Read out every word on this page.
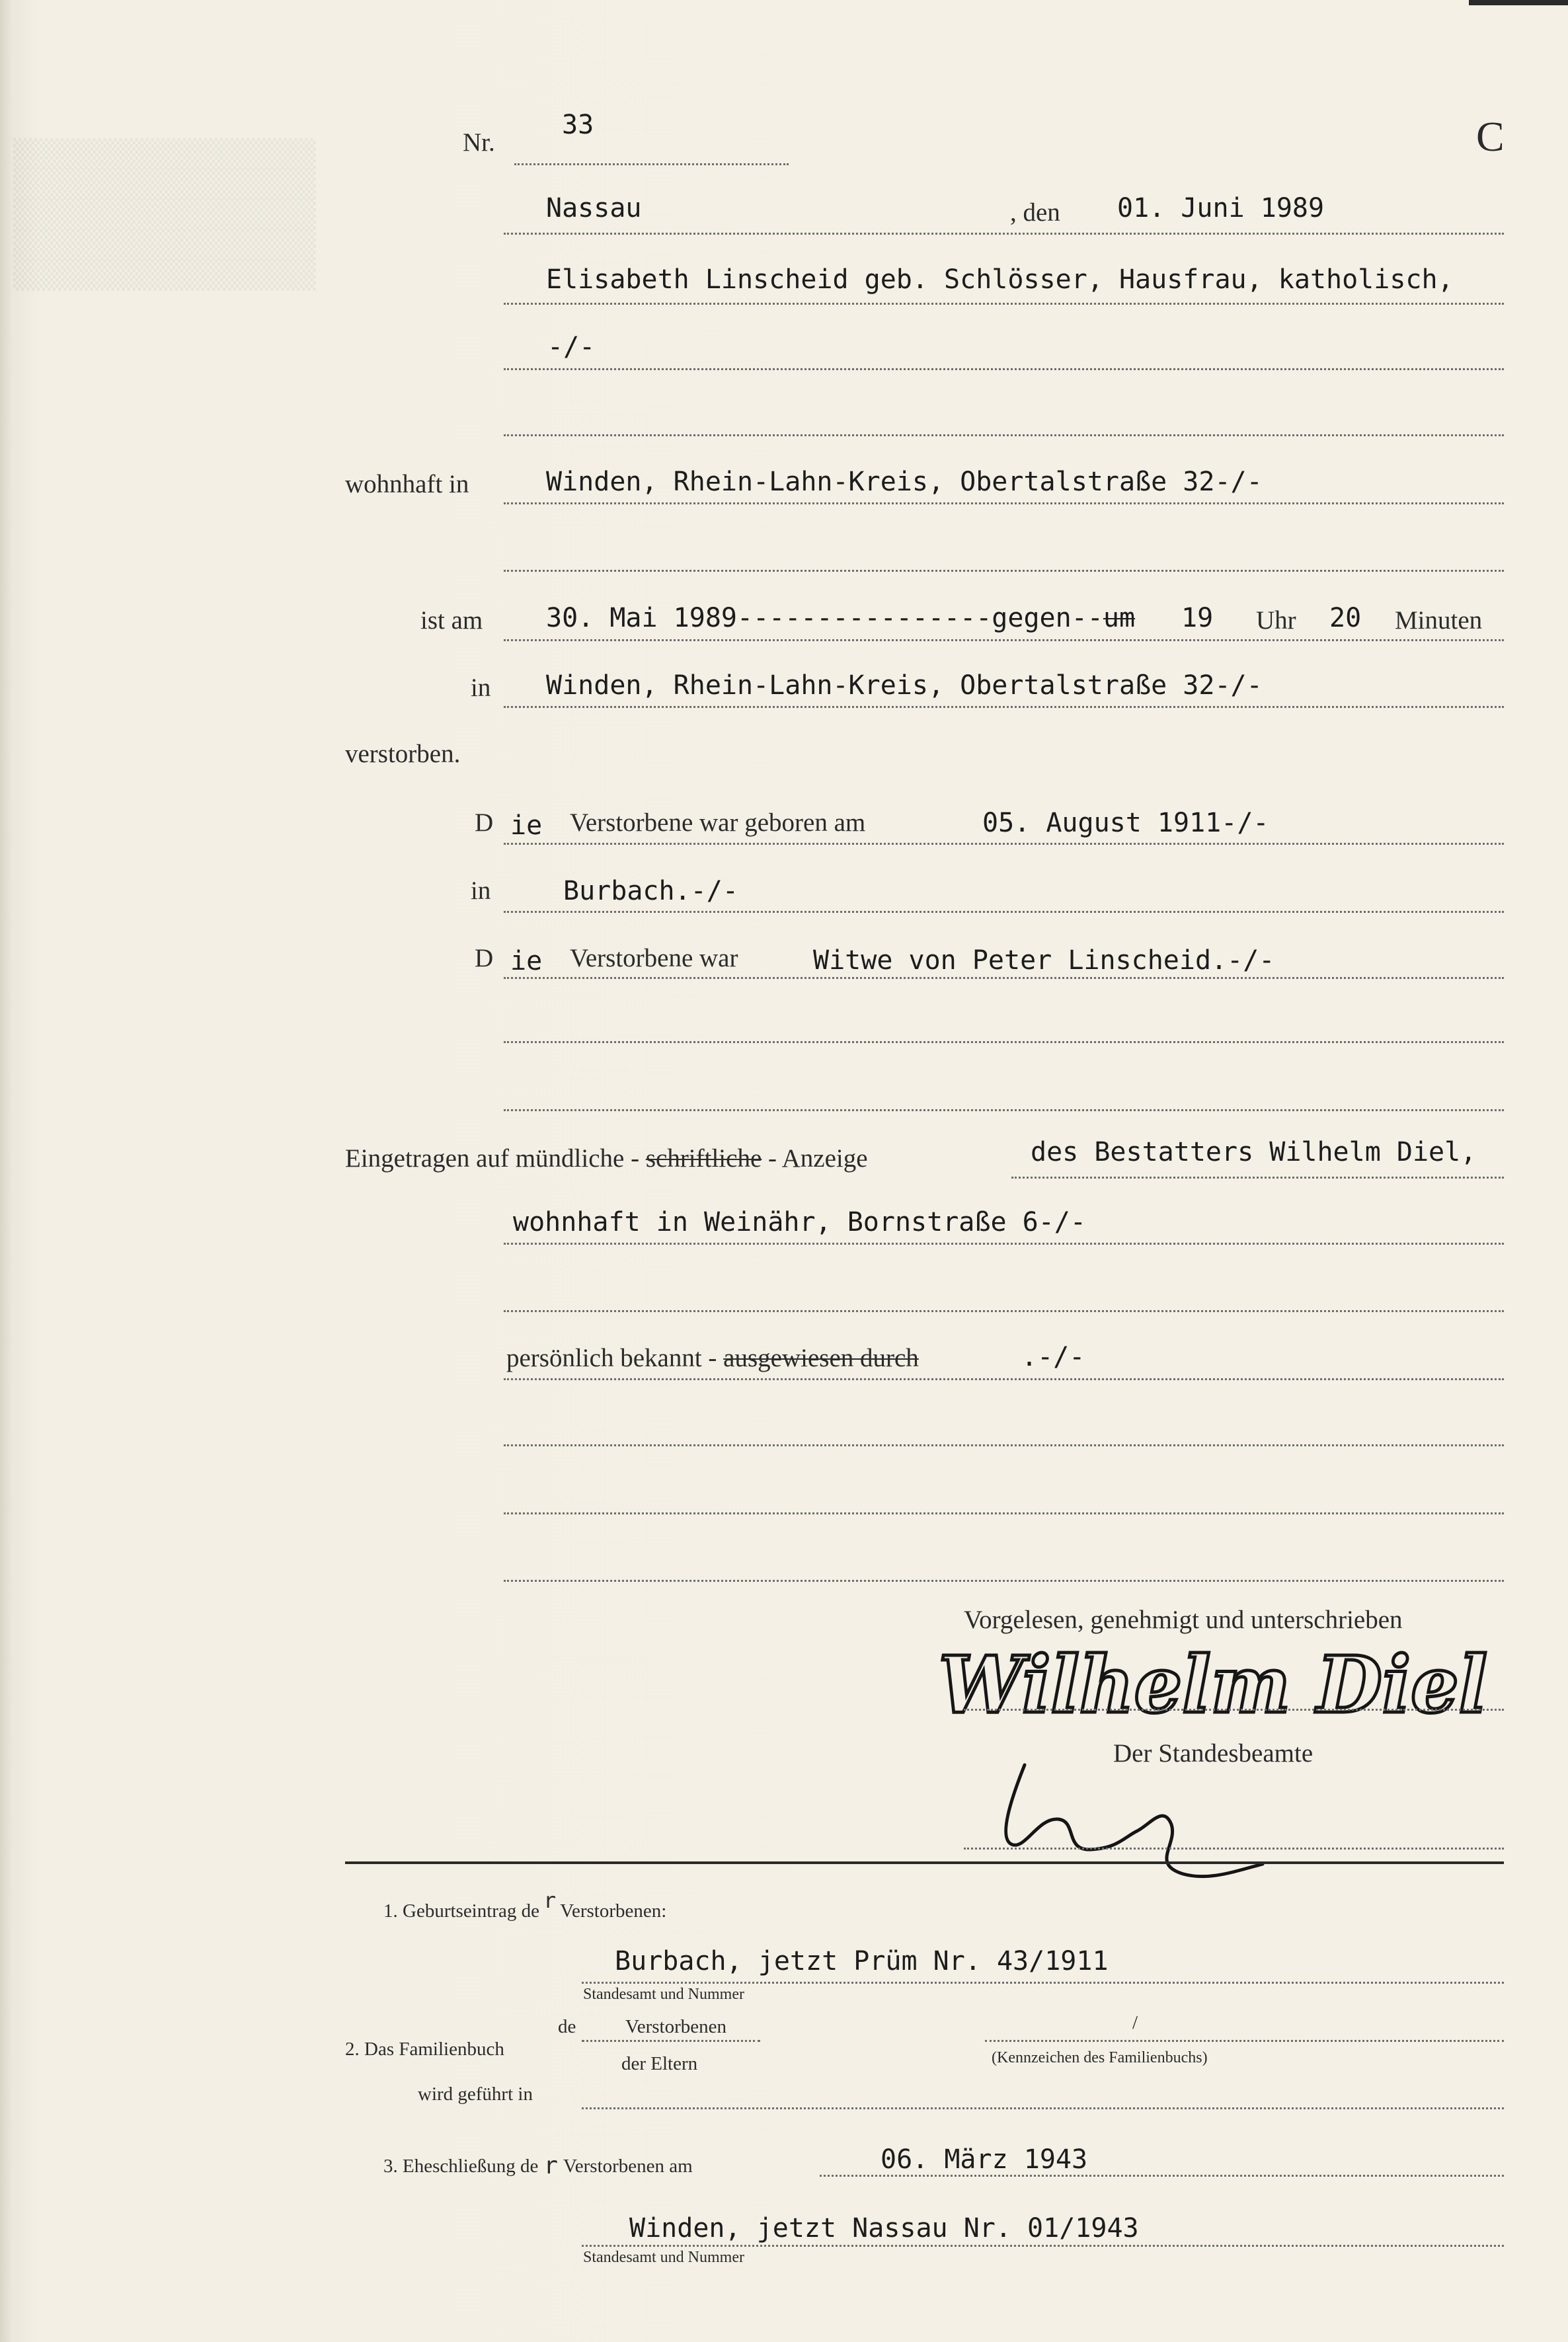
▒▒▒▒▒▒▒▒▒▒▒▒▒▒▒▒▒▒▒
▒▒▒▒▒▒▒▒▒▒▒▒▒▒▒▒▒▒▒
▒▒▒▒▒▒▒▒▒▒▒▒▒▒▒▒▒▒▒
▒▒▒▒▒▒▒▒▒▒▒▒▒▒▒▒▒▒▒
▒▒▒▒▒▒▒▒▒▒▒▒▒▒▒▒▒▒▒
Nr.
33	C
Nassau	, den 01. Juni 1989
Elisabeth Linscheid geb. Schlösser, Hausfrau, katholisch,
-/-
wohnhaft in	Winden, Rhein-Lahn-Kreis, Obertalstraße 32-/-
ist am 30. Mai 1989----------------gegen--um 19 Uhr 20 Minuten
in Winden, Rhein-Lahn-Kreis, Obertalstraße 32-/-
verstorben.
D ie Verstorbene war geboren am	05. August 1911-/-
in	Burbach.-/-
D ie Verstorbene war	Witwe von Peter Linscheid.-/-
Eingetragen auf mündliche - schriftliche - Anzeige	des Bestatters Wilhelm Diel,
wohnhaft in Weinähr, Bornstraße 6-/-
persönlich bekannt - ausgewiesen durch	.-/-
Vorgelesen, genehmigt und unterschrieben
Wilhelm Diel
Der Standesbeamte
1. Geburtseintrag de r Verstorbenen:
Burbach, jetzt Prüm Nr. 43/1911
Standesamt und Nummer
2. Das Familienbuch
de	Verstorbenen
der Eltern
/
(Kennzeichen des Familienbuchs)
wird geführt in
3. Eheschließung de r Verstorbenen am	06. März 1943
Winden, jetzt Nassau Nr. 01/1943
Standesamt und Nummer
